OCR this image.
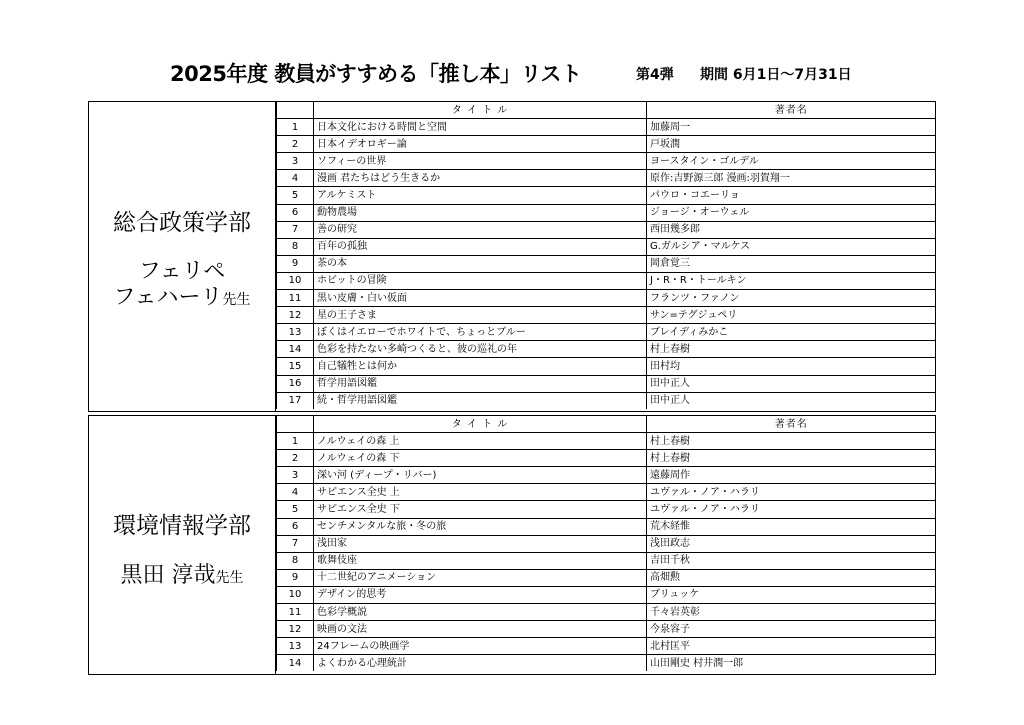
2025年度 教員がすすめる「推し本」リスト	第4弾 期間 6月1日～7月31日
総合政策学部
フェリペ
フェハーリ先生
	タ イ ト ル	著者名
1	日本文化における時間と空間	加藤周一
2	日本イデオロギー論	戸坂潤
3	ソフィーの世界	ヨースタイン・ゴルデル
4	漫画 君たちはどう生きるか	原作:吉野源三郎 漫画:羽賀翔一
5	アルケミスト	パウロ・コエーリョ
6	動物農場	ジョージ・オーウェル
7	善の研究	西田幾多郎
8	百年の孤独	G.ガルシア・マルケス
9	茶の本	岡倉覚三
10	ホビットの冒険	J・R・R・トールキン
11	黒い皮膚・白い仮面	フランツ・ファノン
12	星の王子さま	サン=テグジュペリ
13	ぼくはイエローでホワイトで、ちょっとブルー	ブレイディみかこ
14	色彩を持たない多崎つくると、彼の巡礼の年	村上春樹
15	自己犠牲とは何か	田村均
16	哲学用語図鑑	田中正人
17	続・哲学用語図鑑	田中正人
環境情報学部
黒田 淳哉先生
	タ イ ト ル	著者名
1	ノルウェイの森 上	村上春樹
2	ノルウェイの森 下	村上春樹
3	深い河 (ディープ・リバー)	遠藤周作
4	サピエンス全史 上	ユヴァル・ノア・ハラリ
5	サピエンス全史 下	ユヴァル・ノア・ハラリ
6	センチメンタルな旅・冬の旅	荒木経惟
7	浅田家	浅田政志
8	歌舞伎座	吉田千秋
9	十二世紀のアニメーション	高畑勲
10	デザイン的思考	ブリュッケ
11	色彩学概説	千々岩英彰
12	映画の文法	今泉容子
13	24フレームの映画学	北村匡平
14	よくわかる心理統計	山田剛史 村井潤一郎
